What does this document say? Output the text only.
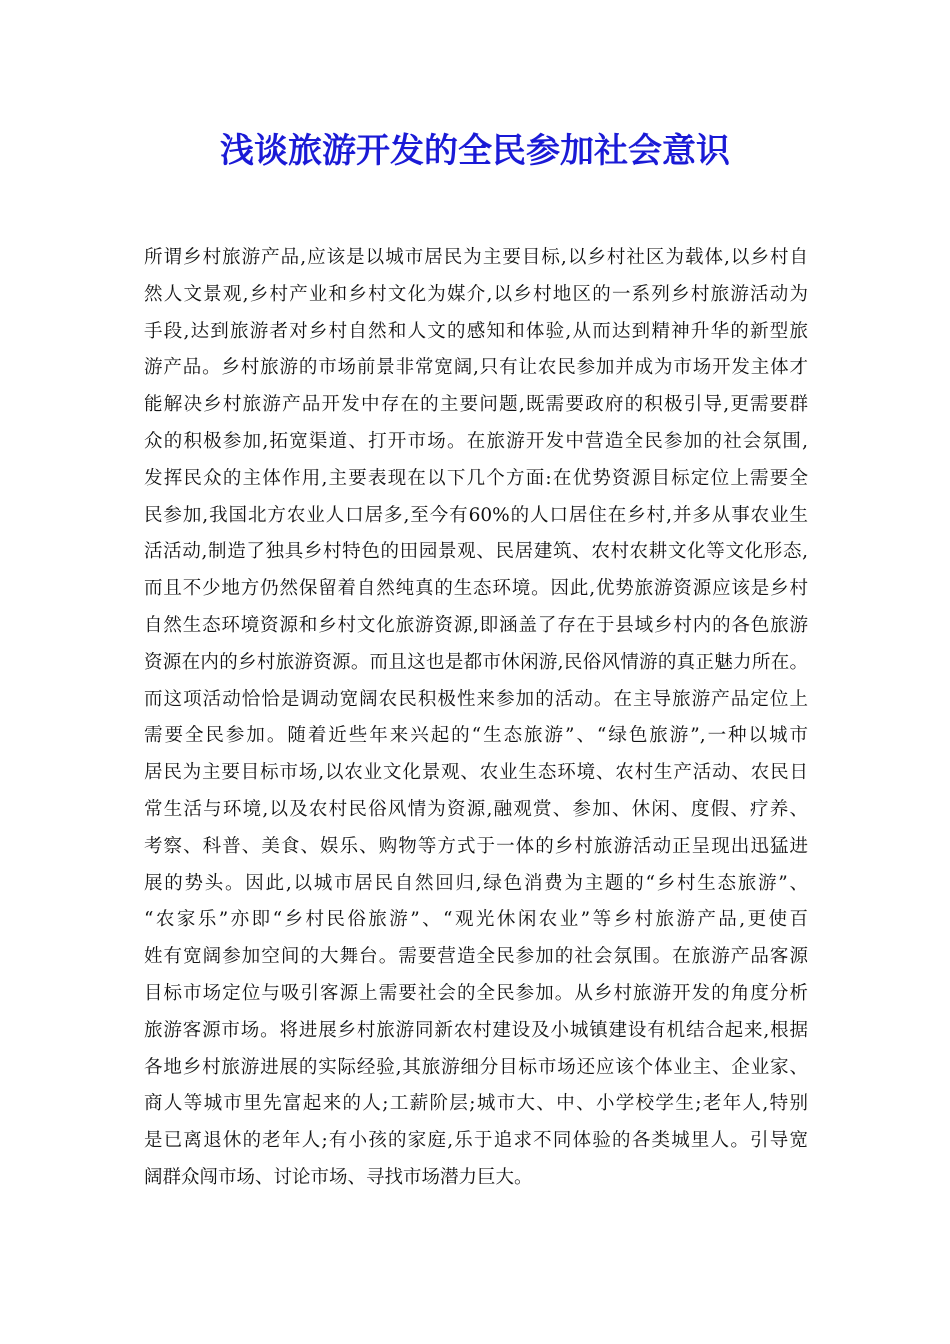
浅谈旅游开发的全民参加社会意识
所谓乡村旅游产品,应该是以城市居民为主要目标,以乡村社区为载体,以乡村自
然人文景观,乡村产业和乡村文化为媒介,以乡村地区的一系列乡村旅游活动为
手段,达到旅游者对乡村自然和人文的感知和体验,从而达到精神升华的新型旅
游产品。乡村旅游的市场前景非常宽阔,只有让农民参加并成为市场开发主体才
能解决乡村旅游产品开发中存在的主要问题,既需要政府的积极引导,更需要群
众的积极参加,拓宽渠道、打开市场。在旅游开发中营造全民参加的社会氛围,
发挥民众的主体作用,主要表现在以下几个方面:在优势资源目标定位上需要全
民参加,我国北方农业人口居多,至今有60%的人口居住在乡村,并多从事农业生
活活动,制造了独具乡村特色的田园景观、民居建筑、农村农耕文化等文化形态,
而且不少地方仍然保留着自然纯真的生态环境。因此,优势旅游资源应该是乡村
自然生态环境资源和乡村文化旅游资源,即涵盖了存在于县域乡村内的各色旅游
资源在内的乡村旅游资源。而且这也是都市休闲游,民俗风情游的真正魅力所在。
而这项活动恰恰是调动宽阔农民积极性来参加的活动。在主导旅游产品定位上
需要全民参加。随着近些年来兴起的“生态旅游”、“绿色旅游”,一种以城市
居民为主要目标市场,以农业文化景观、农业生态环境、农村生产活动、农民日
常生活与环境,以及农村民俗风情为资源,融观赏、参加、休闲、度假、疗养、
考察、科普、美食、娱乐、购物等方式于一体的乡村旅游活动正呈现出迅猛进
展的势头。因此,以城市居民自然回归,绿色消费为主题的“乡村生态旅游”、
“农家乐”亦即“乡村民俗旅游”、“观光休闲农业”等乡村旅游产品,更使百
姓有宽阔参加空间的大舞台。需要营造全民参加的社会氛围。在旅游产品客源
目标市场定位与吸引客源上需要社会的全民参加。从乡村旅游开发的角度分析
旅游客源市场。将进展乡村旅游同新农村建设及小城镇建设有机结合起来,根据
各地乡村旅游进展的实际经验,其旅游细分目标市场还应该个体业主、企业家、
商人等城市里先富起来的人;工薪阶层;城市大、中、小学校学生;老年人,特别
是已离退休的老年人;有小孩的家庭,乐于追求不同体验的各类城里人。引导宽
阔群众闯市场、讨论市场、寻找市场潜力巨大。
